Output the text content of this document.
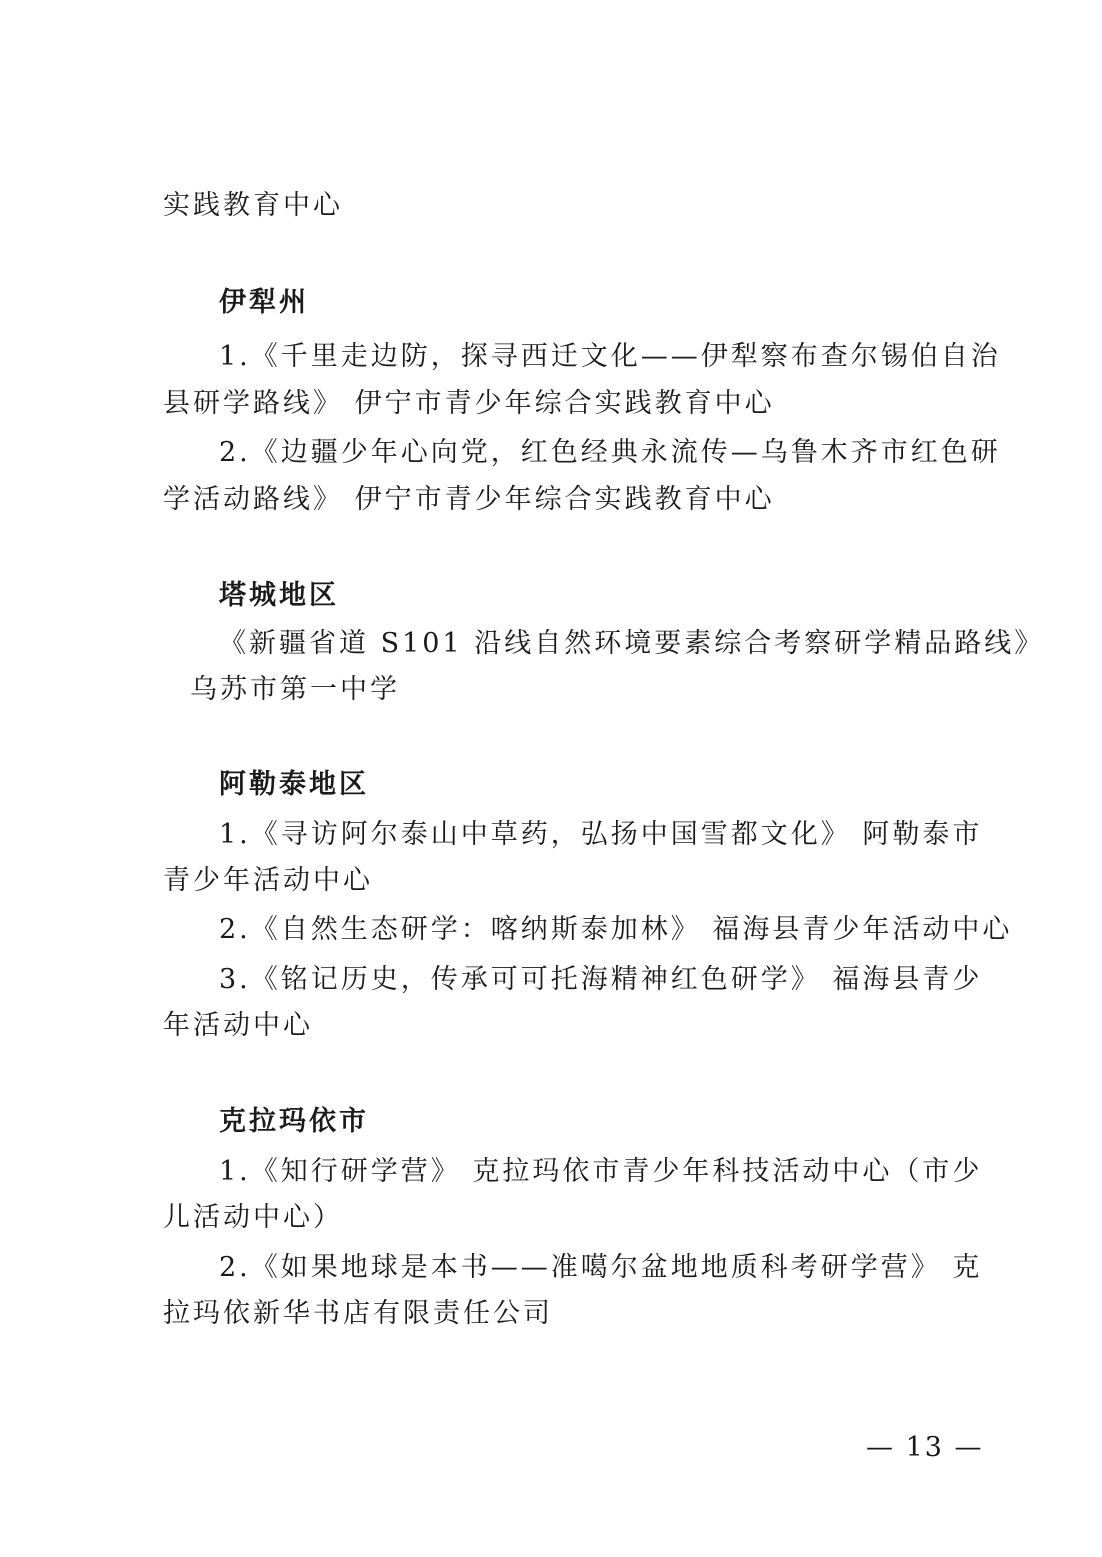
实践教育中心
伊犁州
1.《千里走边防，探寻西迁文化——伊犁察布查尔锡伯自治
县研学路线》 伊宁市青少年综合实践教育中心
2.《边疆少年心向党，红色经典永流传—乌鲁木齐市红色研
学活动路线》 伊宁市青少年综合实践教育中心
塔城地区
《新疆省道 S101 沿线自然环境要素综合考察研学精品路线》
乌苏市第一中学
阿勒泰地区
1.《寻访阿尔泰山中草药，弘扬中国雪都文化》 阿勒泰市
青少年活动中心
2.《自然生态研学：喀纳斯泰加林》 福海县青少年活动中心
3.《铭记历史，传承可可托海精神红色研学》 福海县青少
年活动中心
克拉玛依市
1.《知行研学营》 克拉玛依市青少年科技活动中心（市少
儿活动中心）
2.《如果地球是本书——准噶尔盆地地质科考研学营》 克
拉玛依新华书店有限责任公司
— 13 —
